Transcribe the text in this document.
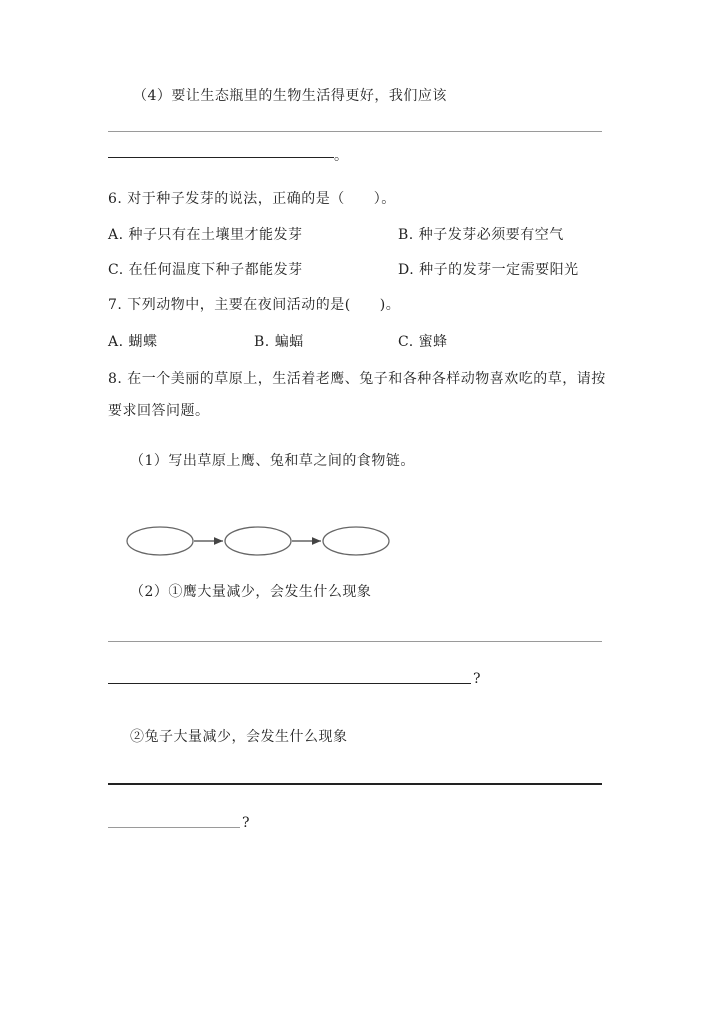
（4）要让生态瓶里的生物生活得更好，我们应该
。
6. 对于种子发芽的说法，正确的是（　　）。
A. 种子只有在土壤里才能发芽	B. 种子发芽必须要有空气
C. 在任何温度下种子都能发芽	D. 种子的发芽一定需要阳光
7. 下列动物中，主要在夜间活动的是(　　)。
A. 蝴蝶	B. 蝙蝠	C. 蜜蜂
8. 在一个美丽的草原上，生活着老鹰、兔子和各种各样动物喜欢吃的草，请按
要求回答问题。
（1）写出草原上鹰、兔和草之间的食物链。
（2）①鹰大量减少，会发生什么现象
?
②兔子大量减少，会发生什么现象
?
